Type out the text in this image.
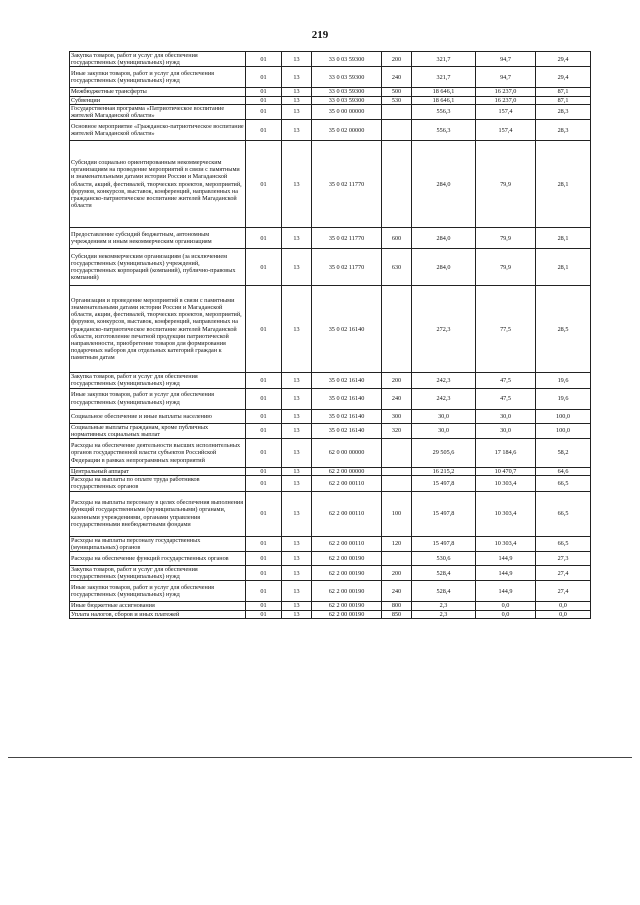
219
Закупка товаров, работ и услуг для обеспечения государственных (муниципальных) нужд	01	13	33 0 03 59300	200	321,7	94,7	29,4
Иные закупки товаров, работ и услуг для обеспечения государственных (муниципальных) нужд	01	13	33 0 03 59300	240	321,7	94,7	29,4
Межбюджетные трансферты	01	13	33 0 03 59300	500	18 646,1	16 237,0	87,1
Субвенции	01	13	33 0 03 59300	530	18 646,1	16 237,0	87,1
Государственная программа «Патриотическое воспитание жителей Магаданской области»	01	13	35 0 00 00000		556,3	157,4	28,3
Основное мероприятие «Гражданско-патриотическое воспитание жителей Магаданской области»	01	13	35 0 02 00000		556,3	157,4	28,3
Субсидии социально ориентированным некоммерческим организациям на проведение мероприятий в связи с памятными и знаменательными датами истории России и Магаданской области, акций, фестивалей, творческих проектов, мероприятий, форумов, конкурсов, выставок, конференций, направленных на гражданско-патриотическое воспитание жителей Магаданской области	01	13	35 0 02 11770		284,0	79,9	28,1
Предоставление субсидий бюджетным, автономным учреждениям и иным некоммерческим организациям	01	13	35 0 02 11770	600	284,0	79,9	28,1
Субсидии некоммерческим организациям (за исключением государственных (муниципальных) учреждений, государственных корпораций (компаний), публично-правовых компаний)	01	13	35 0 02 11770	630	284,0	79,9	28,1
Организация и проведение мероприятий в связи с памятными знаменательными датами истории России и Магаданской области, акции, фестивалей, творческих проектов, мероприятий, форумов, конкурсов, выставок, конференций, направленных на гражданско-патриотическое воспитание жителей Магаданской области, изготовление печатной продукции патриотической направленности, приобретение товаров для формирования подарочных наборов для отдельных категорий граждан к памятным датам	01	13	35 0 02 16140		272,3	77,5	28,5
Закупка товаров, работ и услуг для обеспечения государственных (муниципальных) нужд	01	13	35 0 02 16140	200	242,3	47,5	19,6
Иные закупки товаров, работ и услуг для обеспечения государственных (муниципальных) нужд	01	13	35 0 02 16140	240	242,3	47,5	19,6
Социальное обеспечение и иные выплаты населению	01	13	35 0 02 16140	300	30,0	30,0	100,0
Социальные выплаты гражданам, кроме публичных нормативных социальных выплат	01	13	35 0 02 16140	320	30,0	30,0	100,0
Расходы на обеспечение деятельности высших исполнительных органов государственной власти субъектов Российской Федерации в рамках непрограммных мероприятий	01	13	62 0 00 00000		29 505,6	17 184,6	58,2
Центральный аппарат	01	13	62 2 00 00000		16 215,2	10 470,7	64,6
Расходы на выплаты по оплате труда работников государственных органов	01	13	62 2 00 00110		15 497,8	10 303,4	66,5
Расходы на выплаты персоналу в целях обеспечения выполнения функций государственными (муниципальными) органами, казенными учреждениями, органами управления государственными внебюджетными фондами	01	13	62 2 00 00110	100	15 497,8	10 303,4	66,5
Расходы на выплаты персоналу государственных (муниципальных) органов	01	13	62 2 00 00110	120	15 497,8	10 303,4	66,5
Расходы на обеспечение функций государственных органов	01	13	62 2 00 00190		530,6	144,9	27,3
Закупка товаров, работ и услуг для обеспечения государственных (муниципальных) нужд	01	13	62 2 00 00190	200	528,4	144,9	27,4
Иные закупки товаров, работ и услуг для обеспечения государственных (муниципальных) нужд	01	13	62 2 00 00190	240	528,4	144,9	27,4
Иные бюджетные ассигнования	01	13	62 2 00 00190	800	2,3	0,0	0,0
Уплата налогов, сборов и иных платежей	01	13	62 2 00 00190	850	2,3	0,0	0,0
